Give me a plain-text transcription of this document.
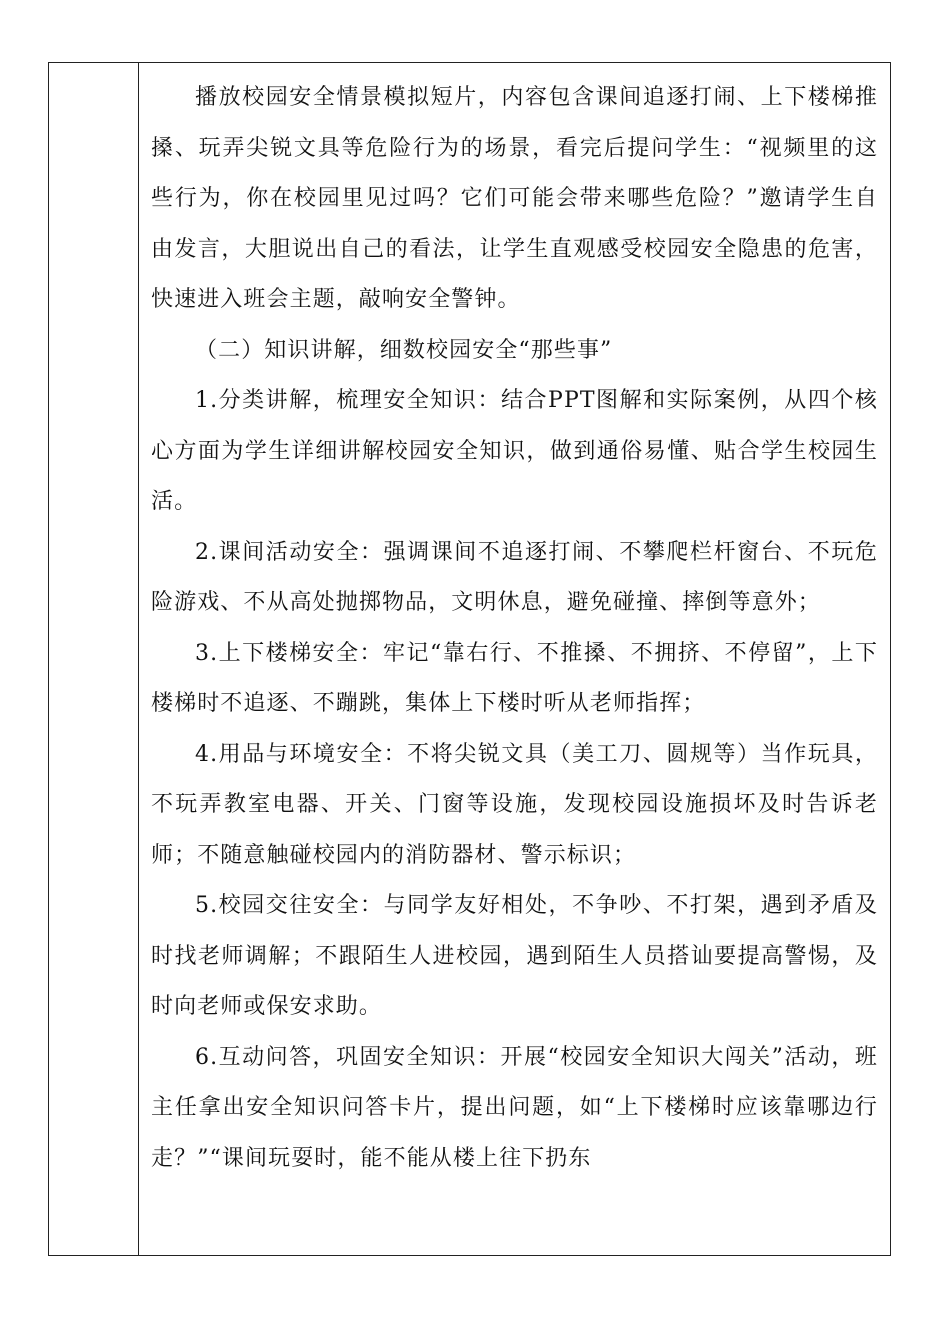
播放校园安全情景模拟短片，内容包含课间追逐打闹、上下楼梯推搡、玩弄尖锐文具等危险行为的场景，看完后提问学生：“视频里的这些行为，你在校园里见过吗？它们可能会带来哪些危险？”邀请学生自由发言，大胆说出自己的看法，让学生直观感受校园安全隐患的危害，快速进入班会主题，敲响安全警钟。

（二）知识讲解，细数校园安全“那些事”

1.分类讲解，梳理安全知识：结合PPT图解和实际案例，从四个核心方面为学生详细讲解校园安全知识，做到通俗易懂、贴合学生校园生活。

2.课间活动安全：强调课间不追逐打闹、不攀爬栏杆窗台、不玩危险游戏、不从高处抛掷物品，文明休息，避免碰撞、摔倒等意外；

3.上下楼梯安全：牢记“靠右行、不推搡、不拥挤、不停留”，上下楼梯时不追逐、不蹦跳，集体上下楼时听从老师指挥；

4.用品与环境安全：不将尖锐文具（美工刀、圆规等）当作玩具，不玩弄教室电器、开关、门窗等设施，发现校园设施损坏及时告诉老师；不随意触碰校园内的消防器材、警示标识；

5.校园交往安全：与同学友好相处，不争吵、不打架，遇到矛盾及时找老师调解；不跟陌生人进校园，遇到陌生人员搭讪要提高警惕，及时向老师或保安求助。

6.互动问答，巩固安全知识：开展“校园安全知识大闯关”活动，班主任拿出安全知识问答卡片，提出问题，如“上下楼梯时应该靠哪边行走？”“课间玩耍时，能不能从楼上往下扔东
